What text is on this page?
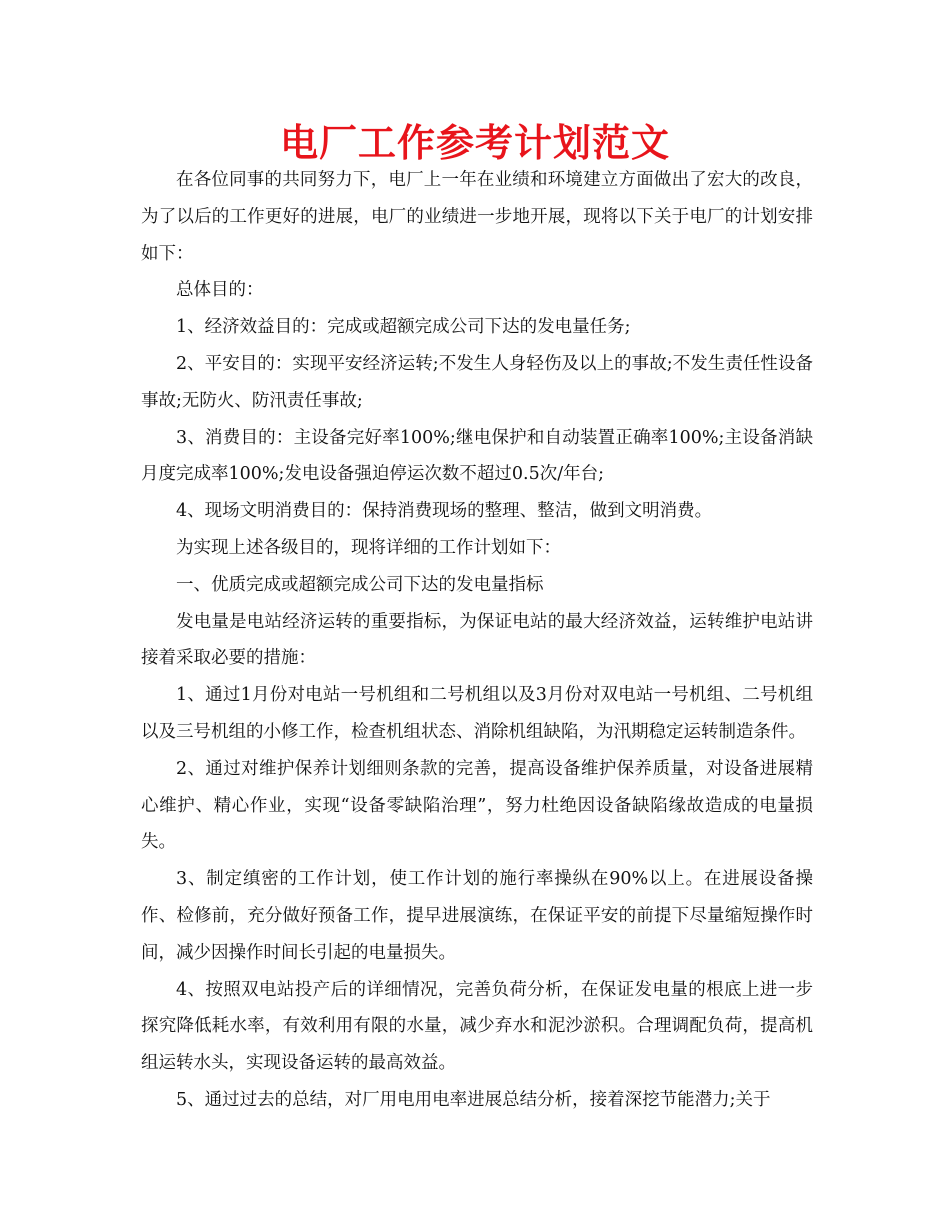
电厂工作参考计划范文

在各位同事的共同努力下，电厂上一年在业绩和环境建立方面做出了宏大的改良，为了以后的工作更好的进展，电厂的业绩进一步地开展，现将以下关于电厂的计划安排如下：

总体目的：

1、经济效益目的：完成或超额完成公司下达的发电量任务;

2、平安目的：实现平安经济运转;不发生人身轻伤及以上的事故;不发生责任性设备事故;无防火、防汛责任事故;

3、消费目的：主设备完好率100%;继电保护和自动装置正确率100%;主设备消缺月度完成率100%;发电设备强迫停运次数不超过0.5次/年台;

4、现场文明消费目的：保持消费现场的整理、整洁，做到文明消费。

为实现上述各级目的，现将详细的工作计划如下：

一、优质完成或超额完成公司下达的发电量指标

发电量是电站经济运转的重要指标，为保证电站的最大经济效益，运转维护电站讲接着采取必要的措施：

1、通过1月份对电站一号机组和二号机组以及3月份对双电站一号机组、二号机组以及三号机组的小修工作，检查机组状态、消除机组缺陷，为汛期稳定运转制造条件。

2、通过对维护保养计划细则条款的完善，提高设备维护保养质量，对设备进展精心维护、精心作业，实现“设备零缺陷治理”，努力杜绝因设备缺陷缘故造成的电量损失。

3、制定缜密的工作计划，使工作计划的施行率操纵在90%以上。在进展设备操作、检修前，充分做好预备工作，提早进展演练，在保证平安的前提下尽量缩短操作时间，减少因操作时间长引起的电量损失。

4、按照双电站投产后的详细情况，完善负荷分析，在保证发电量的根底上进一步探究降低耗水率，有效利用有限的水量，减少弃水和泥沙淤积。合理调配负荷，提高机组运转水头，实现设备运转的最高效益。

5、通过过去的总结，对厂用电用电率进展总结分析，接着深挖节能潜力;关于
